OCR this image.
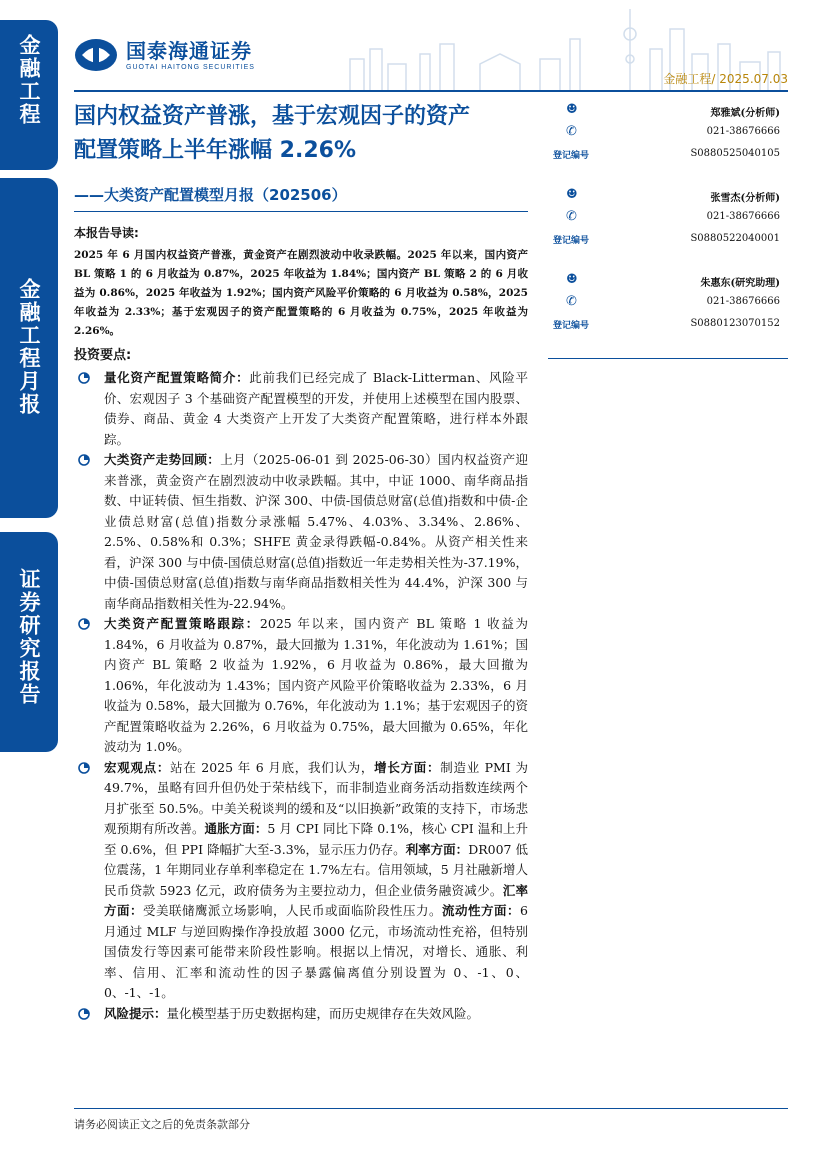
金融工程
金融工程月报
证券研究报告
国泰海通证券
GUOTAI HAITONG SECURITIES
金融工程/ 2025.07.03
国内权益资产普涨，基于宏观因子的资产
配置策略上半年涨幅 2.26%
——大类资产配置模型月报（202506）
☻	郑雅斌(分析师)
✆	021-38676666
登记编号	S0880525040105
☻	张雪杰(分析师)
✆	021-38676666
登记编号	S0880522040001
☻	朱惠东(研究助理)
✆	021-38676666
登记编号	S0880123070152
本报告导读:
2025 年 6 月国内权益资产普涨，黄金资产在剧烈波动中收录跌幅。2025 年以来，国内资产 BL 策略 1 的 6 月收益为 0.87%，2025 年收益为 1.84%；国内资产 BL 策略 2 的 6 月收益为 0.86%，2025 年收益为 1.92%；国内资产风险平价策略的 6 月收益为 0.58%，2025 年收益为 2.33%；基于宏观因子的资产配置策略的 6 月收益为 0.75%，2025 年收益为 2.26%。
投资要点:
量化资产配置策略简介：此前我们已经完成了 Black-Litterman、风险平价、宏观因子 3 个基础资产配置模型的开发，并使用上述模型在国内股票、债券、商品、黄金 4 大类资产上开发了大类资产配置策略，进行样本外跟踪。
大类资产走势回顾：上月（2025-06-01 到 2025-06-30）国内权益资产迎来普涨，黄金资产在剧烈波动中收录跌幅。其中，中证 1000、南华商品指数、中证转债、恒生指数、沪深 300、中债-国债总财富(总值)指数和中债-企业债总财富(总值)指数分录涨幅 5.47%、4.03%、3.34%、2.86%、2.5%、0.58%和 0.3%；SHFE 黄金录得跌幅-0.84%。从资产相关性来看，沪深 300 与中债-国债总财富(总值)指数近一年走势相关性为-37.19%，中债-国债总财富(总值)指数与南华商品指数相关性为 44.4%，沪深 300 与南华商品指数相关性为-22.94%。
大类资产配置策略跟踪：2025 年以来，国内资产 BL 策略 1 收益为 1.84%，6 月收益为 0.87%，最大回撤为 1.31%，年化波动为 1.61%；国内资产 BL 策略 2 收益为 1.92%，6 月收益为 0.86%，最大回撤为 1.06%，年化波动为 1.43%；国内资产风险平价策略收益为 2.33%，6 月收益为 0.58%，最大回撤为 0.76%，年化波动为 1.1%；基于宏观因子的资产配置策略收益为 2.26%，6 月收益为 0.75%，最大回撤为 0.65%，年化波动为 1.0%。
宏观观点：站在 2025 年 6 月底，我们认为，增长方面：制造业 PMI 为 49.7%，虽略有回升但仍处于荣枯线下，而非制造业商务活动指数连续两个月扩张至 50.5%。中美关税谈判的缓和及“以旧换新”政策的支持下，市场悲观预期有所改善。通胀方面：5 月 CPI 同比下降 0.1%，核心 CPI 温和上升至 0.6%，但 PPI 降幅扩大至-3.3%，显示压力仍存。利率方面：DR007 低位震荡，1 年期同业存单利率稳定在 1.7%左右。信用领域，5 月社融新增人民币贷款 5923 亿元，政府债务为主要拉动力，但企业债务融资减少。汇率方面：受美联储鹰派立场影响，人民币或面临阶段性压力。流动性方面：6 月通过 MLF 与逆回购操作净投放超 3000 亿元，市场流动性充裕，但特别国债发行等因素可能带来阶段性影响。根据以上情况，对增长、通胀、利率、信用、汇率和流动性的因子暴露偏离值分别设置为 0、-1、0、0、-1、-1。
风险提示：量化模型基于历史数据构建，而历史规律存在失效风险。
请务必阅读正文之后的免责条款部分
